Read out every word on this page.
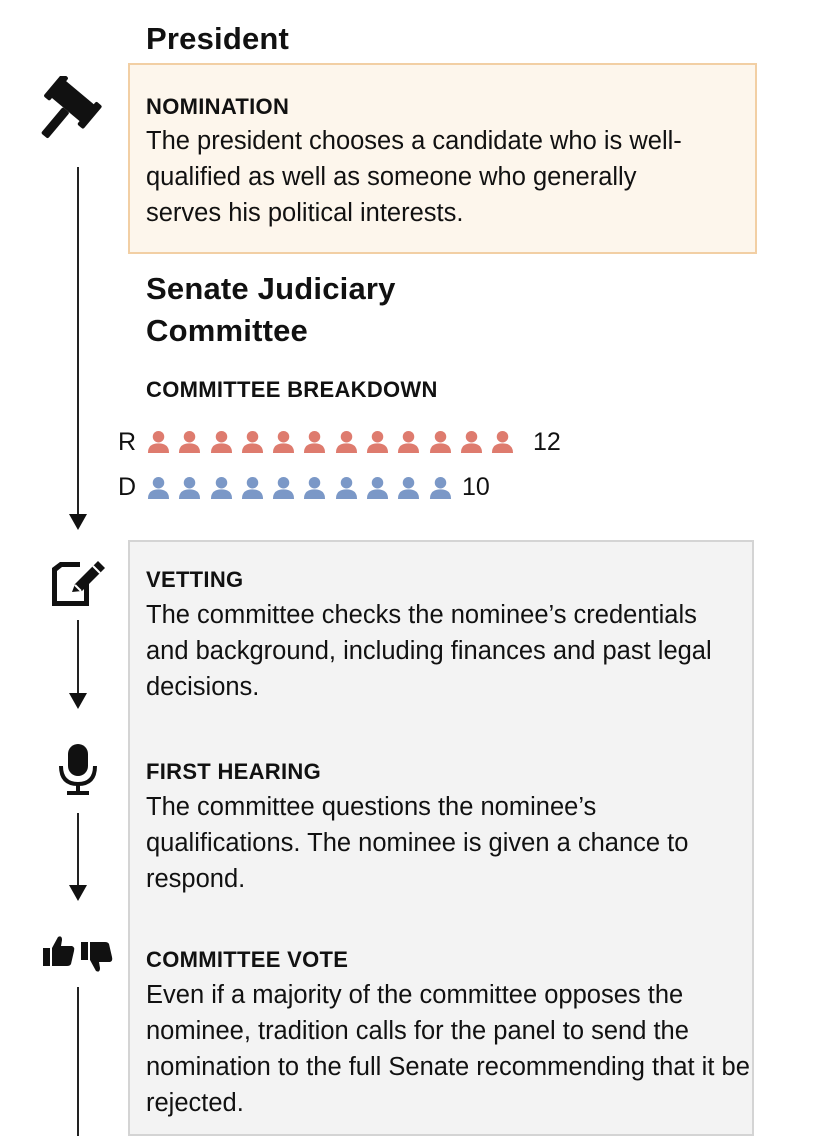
President
NOMINATION
The president chooses a candidate who is well-qualified as well as someone who generally serves his political interests.
Senate Judiciary
Committee
COMMITTEE BREAKDOWN
R	12
D	10
VETTING
The committee checks the nominee’s credentials and background, including finances and past legal decisions.
FIRST HEARING
The committee questions the nominee’s qualifications. The nominee is given a chance to respond.
COMMITTEE VOTE
Even if a majority of the committee opposes the nominee, tradition calls for the panel to send the nomination to the full Senate recommending that it be rejected.
